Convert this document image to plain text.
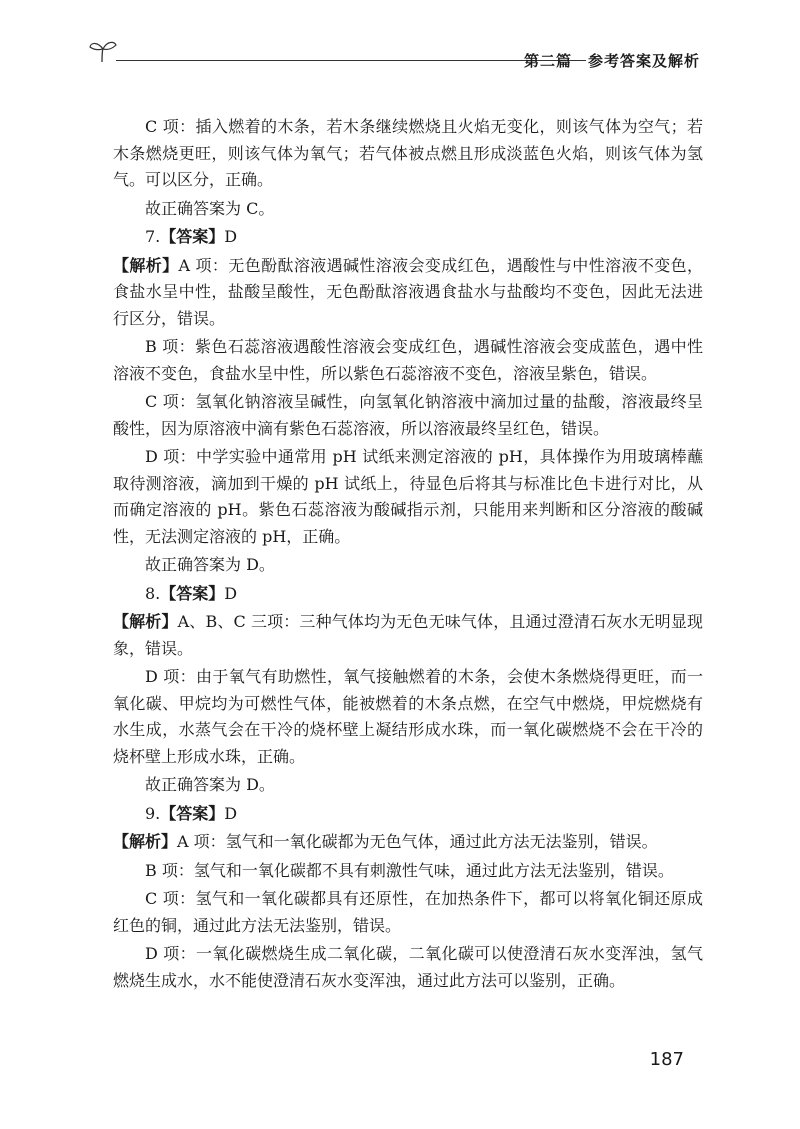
第二篇 参考答案及解析

C 项：插入燃着的木条，若木条继续燃烧且火焰无变化，则该气体为空气；若木条燃烧更旺，则该气体为氧气；若气体被点燃且形成淡蓝色火焰，则该气体为氢气。可以区分，正确。

故正确答案为 C。

7.【答案】D

【解析】A 项：无色酚酞溶液遇碱性溶液会变成红色，遇酸性与中性溶液不变色，食盐水呈中性，盐酸呈酸性，无色酚酞溶液遇食盐水与盐酸均不变色，因此无法进行区分，错误。

B 项：紫色石蕊溶液遇酸性溶液会变成红色，遇碱性溶液会变成蓝色，遇中性溶液不变色，食盐水呈中性，所以紫色石蕊溶液不变色，溶液呈紫色，错误。

C 项：氢氧化钠溶液呈碱性，向氢氧化钠溶液中滴加过量的盐酸，溶液最终呈酸性，因为原溶液中滴有紫色石蕊溶液，所以溶液最终呈红色，错误。

D 项：中学实验中通常用 pH 试纸来测定溶液的 pH，具体操作为用玻璃棒蘸取待测溶液，滴加到干燥的 pH 试纸上，待显色后将其与标准比色卡进行对比，从而确定溶液的 pH。紫色石蕊溶液为酸碱指示剂，只能用来判断和区分溶液的酸碱性，无法测定溶液的 pH，正确。

故正确答案为 D。

8.【答案】D

【解析】A、B、C 三项：三种气体均为无色无味气体，且通过澄清石灰水无明显现象，错误。

D 项：由于氧气有助燃性，氧气接触燃着的木条，会使木条燃烧得更旺，而一氧化碳、甲烷均为可燃性气体，能被燃着的木条点燃，在空气中燃烧，甲烷燃烧有水生成，水蒸气会在干冷的烧杯壁上凝结形成水珠，而一氧化碳燃烧不会在干冷的烧杯壁上形成水珠，正确。

故正确答案为 D。

9.【答案】D

【解析】A 项：氢气和一氧化碳都为无色气体，通过此方法无法鉴别，错误。

B 项：氢气和一氧化碳都不具有刺激性气味，通过此方法无法鉴别，错误。

C 项：氢气和一氧化碳都具有还原性，在加热条件下，都可以将氧化铜还原成红色的铜，通过此方法无法鉴别，错误。

D 项：一氧化碳燃烧生成二氧化碳，二氧化碳可以使澄清石灰水变浑浊，氢气燃烧生成水，水不能使澄清石灰水变浑浊，通过此方法可以鉴别，正确。

187
